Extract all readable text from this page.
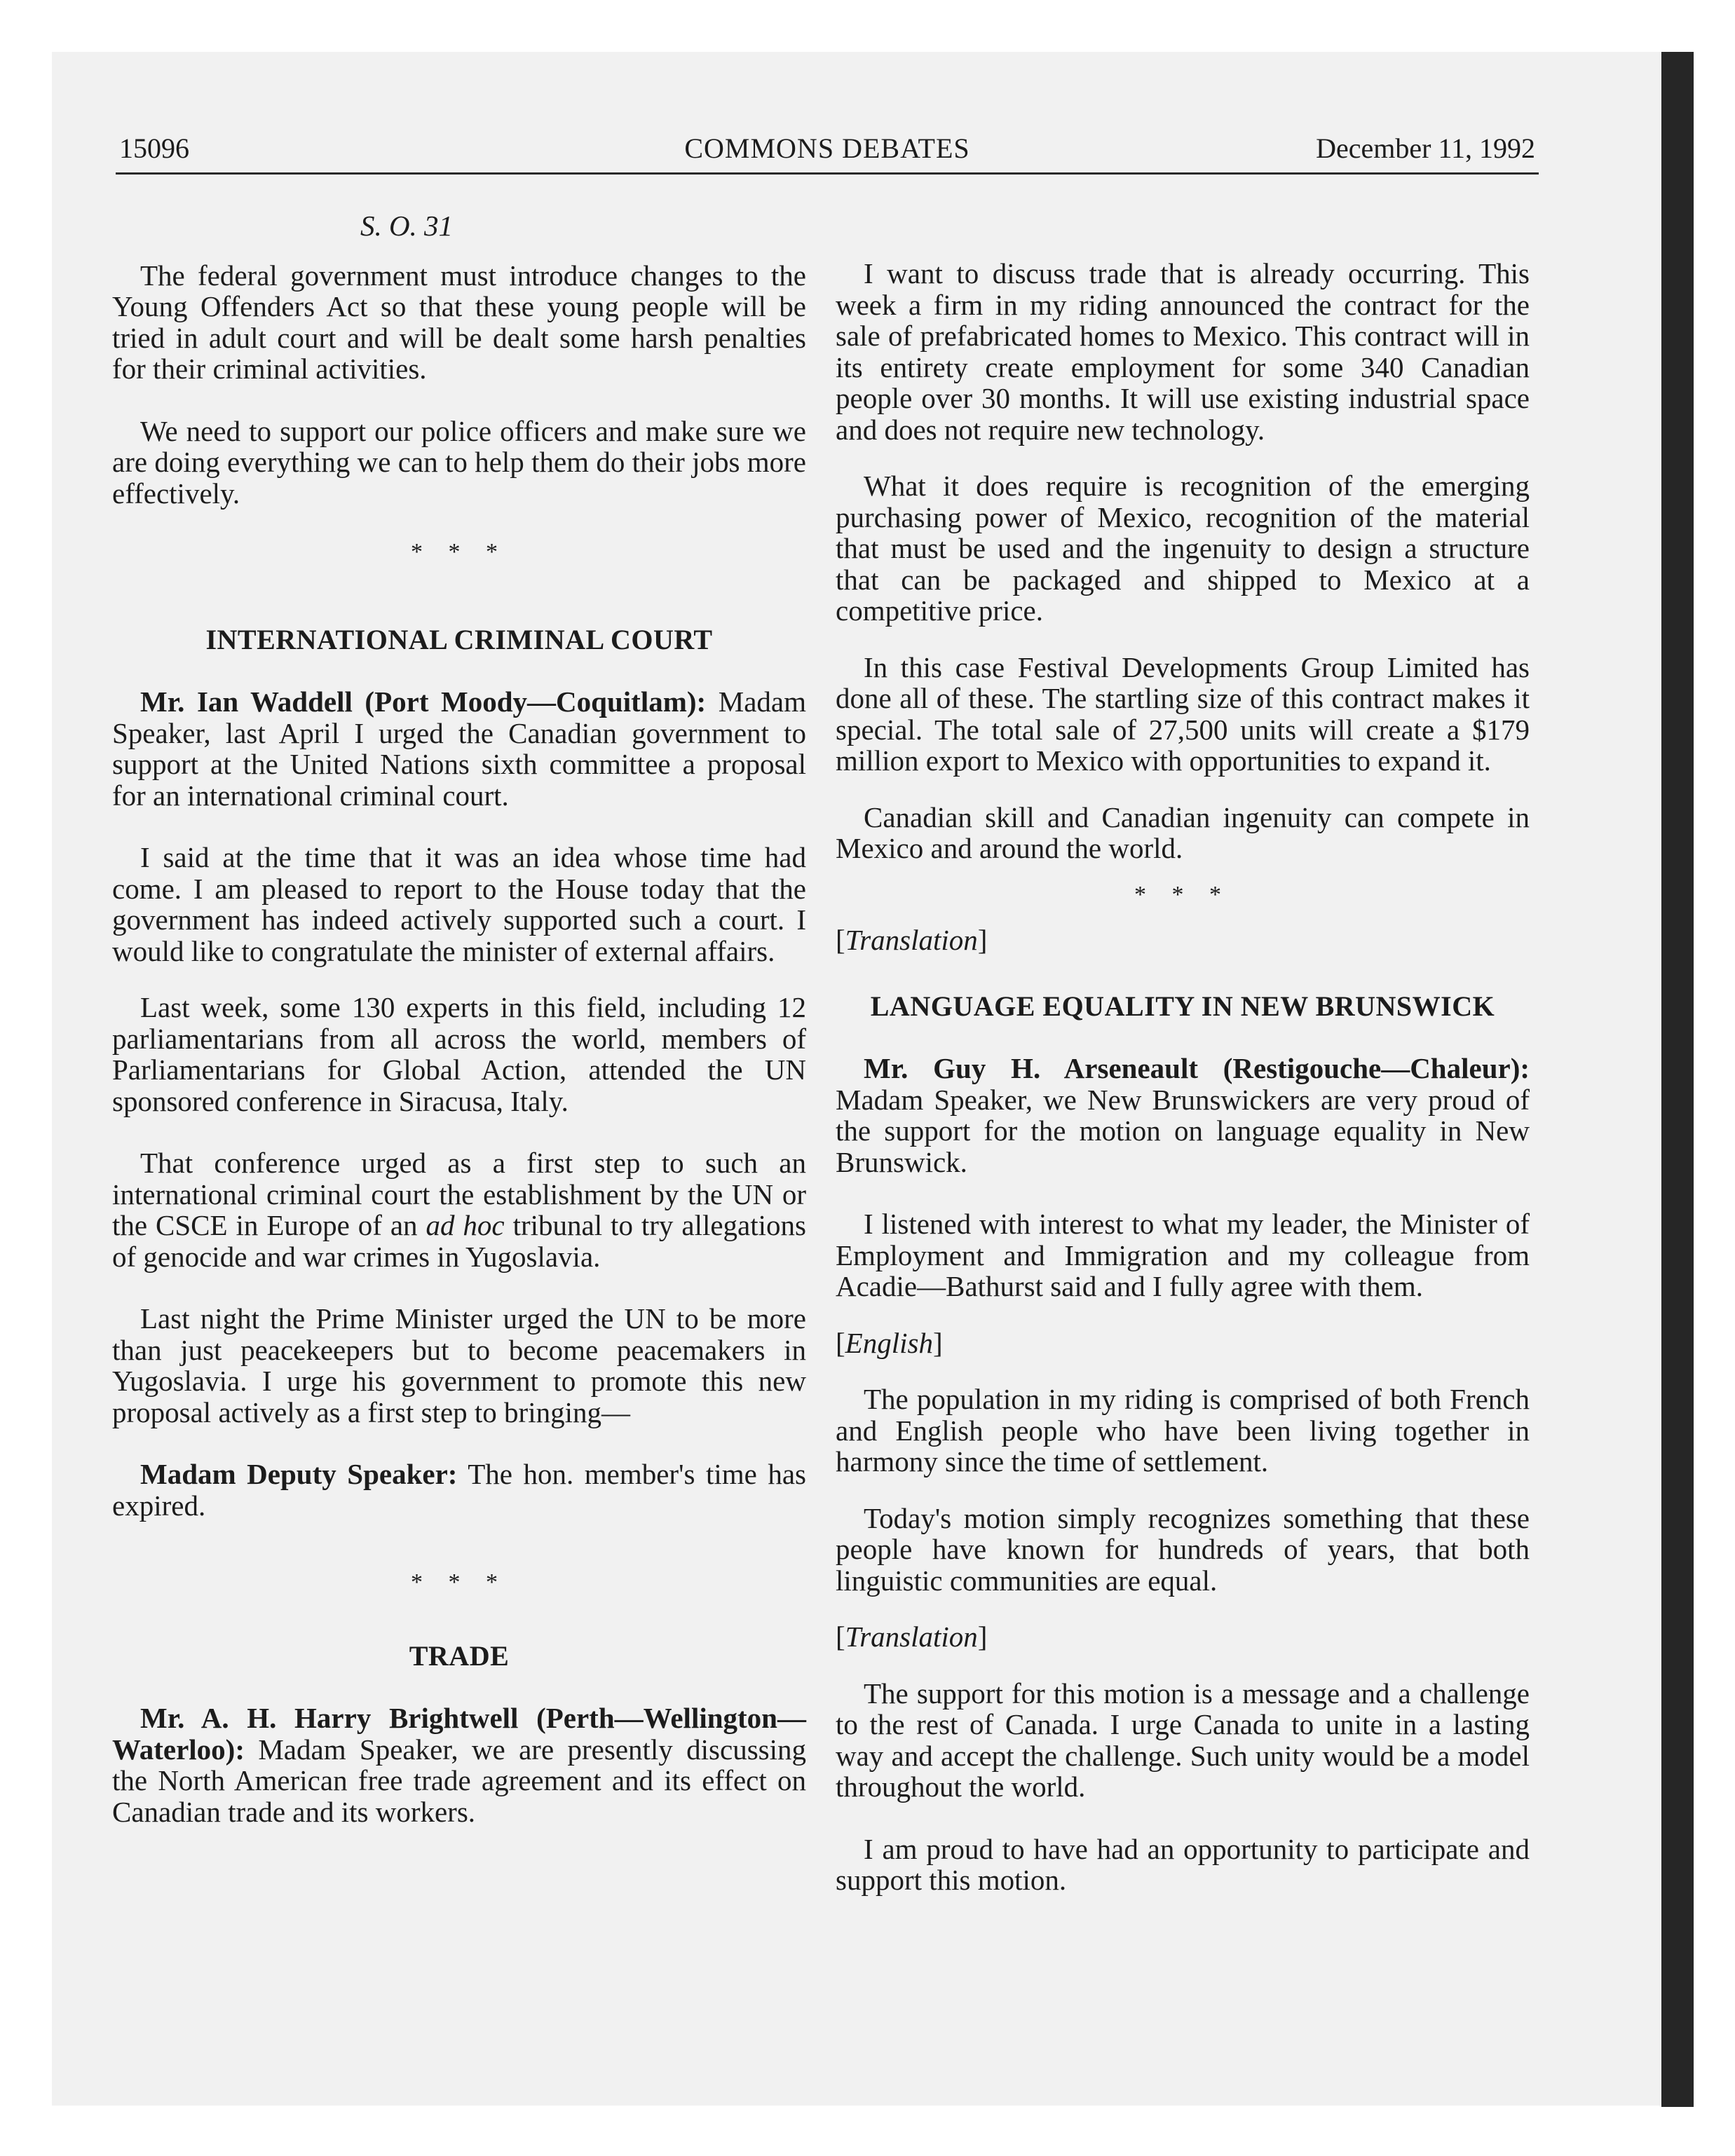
15096	COMMONS DEBATES	December 11, 1992

S. O. 31

The federal government must introduce changes to the Young Offenders Act so that these young people will be tried in adult court and will be dealt some harsh penalties for their criminal activities.

We need to support our police officers and make sure we are doing everything we can to help them do their jobs more effectively.

* * *

INTERNATIONAL CRIMINAL COURT

Mr. Ian Waddell (Port Moody—Coquitlam): Madam Speaker, last April I urged the Canadian government to support at the United Nations sixth committee a proposal for an international criminal court.

I said at the time that it was an idea whose time had come. I am pleased to report to the House today that the government has indeed actively supported such a court. I would like to congratulate the minister of external affairs.

Last week, some 130 experts in this field, including 12 parliamentarians from all across the world, members of Parliamentarians for Global Action, attended the UN sponsored conference in Siracusa, Italy.

That conference urged as a first step to such an international criminal court the establishment by the UN or the CSCE in Europe of an ad hoc tribunal to try allegations of genocide and war crimes in Yugoslavia.

Last night the Prime Minister urged the UN to be more than just peacekeepers but to become peacemakers in Yugoslavia. I urge his government to promote this new proposal actively as a first step to bringing—

Madam Deputy Speaker: The hon. member's time has expired.

* * *

TRADE

Mr. A. H. Harry Brightwell (Perth—Wellington—Waterloo): Madam Speaker, we are presently discussing the North American free trade agreement and its effect on Canadian trade and its workers.

I want to discuss trade that is already occurring. This week a firm in my riding announced the contract for the sale of prefabricated homes to Mexico. This contract will in its entirety create employment for some 340 Canadian people over 30 months. It will use existing industrial space and does not require new technology.

What it does require is recognition of the emerging purchasing power of Mexico, recognition of the material that must be used and the ingenuity to design a structure that can be packaged and shipped to Mexico at a competitive price.

In this case Festival Developments Group Limited has done all of these. The startling size of this contract makes it special. The total sale of 27,500 units will create a $179 million export to Mexico with opportunities to expand it.

Canadian skill and Canadian ingenuity can compete in Mexico and around the world.

* * *

[Translation]

LANGUAGE EQUALITY IN NEW BRUNSWICK

Mr. Guy H. Arseneault (Restigouche—Chaleur): Madam Speaker, we New Brunswickers are very proud of the support for the motion on language equality in New Brunswick.

I listened with interest to what my leader, the Minister of Employment and Immigration and my colleague from Acadie—Bathurst said and I fully agree with them.

[English]

The population in my riding is comprised of both French and English people who have been living together in harmony since the time of settlement.

Today's motion simply recognizes something that these people have known for hundreds of years, that both linguistic communities are equal.

[Translation]

The support for this motion is a message and a challenge to the rest of Canada. I urge Canada to unite in a lasting way and accept the challenge. Such unity would be a model throughout the world.

I am proud to have had an opportunity to participate and support this motion.
